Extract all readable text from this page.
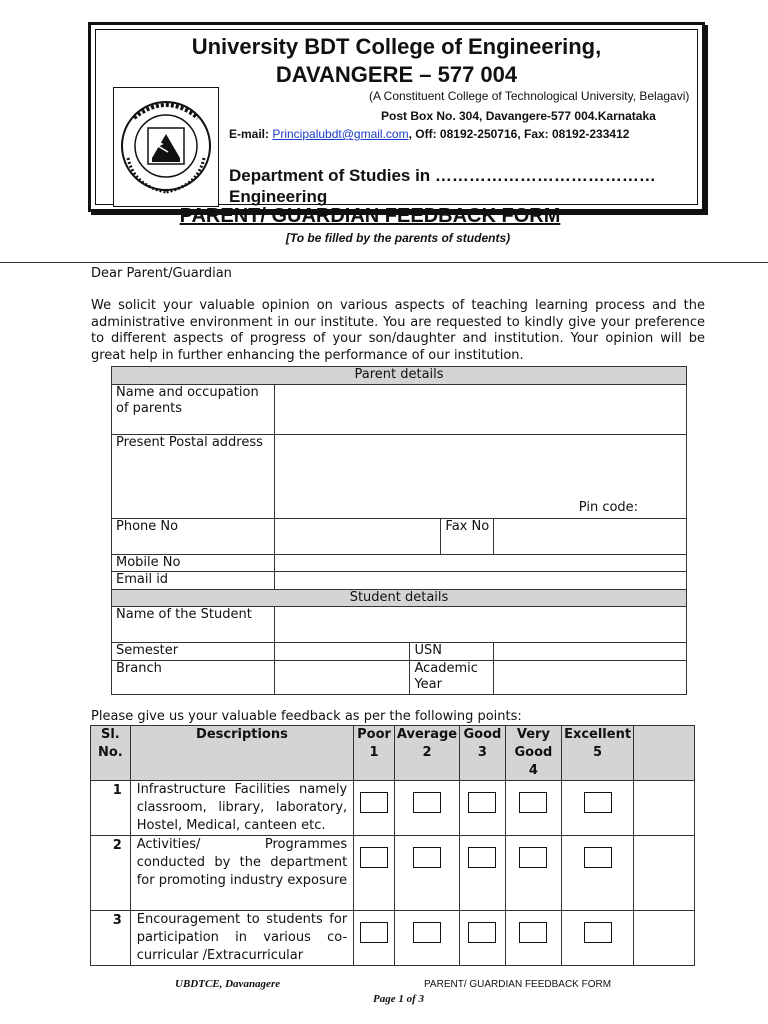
University BDT College of Engineering,
DAVANGERE – 577 004
(A Constituent College of Technological University, Belagavi)
Post Box No. 304, Davangere-577 004.Karnataka
E-mail: Principalubdt@gmail.com, Off: 08192-250716, Fax: 08192-233412
Department of Studies in ………………………………… Engineering
PARENT/ GUARDIAN FEEDBACK FORM
[To be filled by the parents of students)
Dear Parent/Guardian
We solicit your valuable opinion on various aspects of teaching learning process and the administrative environment in our institute. You are requested to kindly give your preference to different aspects of progress of your son/daughter and institution. Your opinion will be great help in further enhancing the performance of our institution.
Parent details				
Name and occupation of parents				
Present Postal address	Pin code:			

Phone No			Fax No	
Mobile No				
Email id				
Student details				
Name of the Student				
Semester		USN		
Branch		Academic Year		
Please give us your valuable feedback as per the following points:
Sl. No.	Descriptions	Poor 1	Average 2	Good 3	Very Good 4	Excellent 5	
1	Infrastructure Facilities namely classroom, library, laboratory, Hostel, Medical, canteen etc.	

2	Activities/ Programmes conducted by the department for promoting industry exposure	

3	Encouragement to students for participation in various co-curricular /Extracurricular	

UBDTCE, Davanagere	PARENT/ GUARDIAN FEEDBACK FORM
Page 1 of 3
